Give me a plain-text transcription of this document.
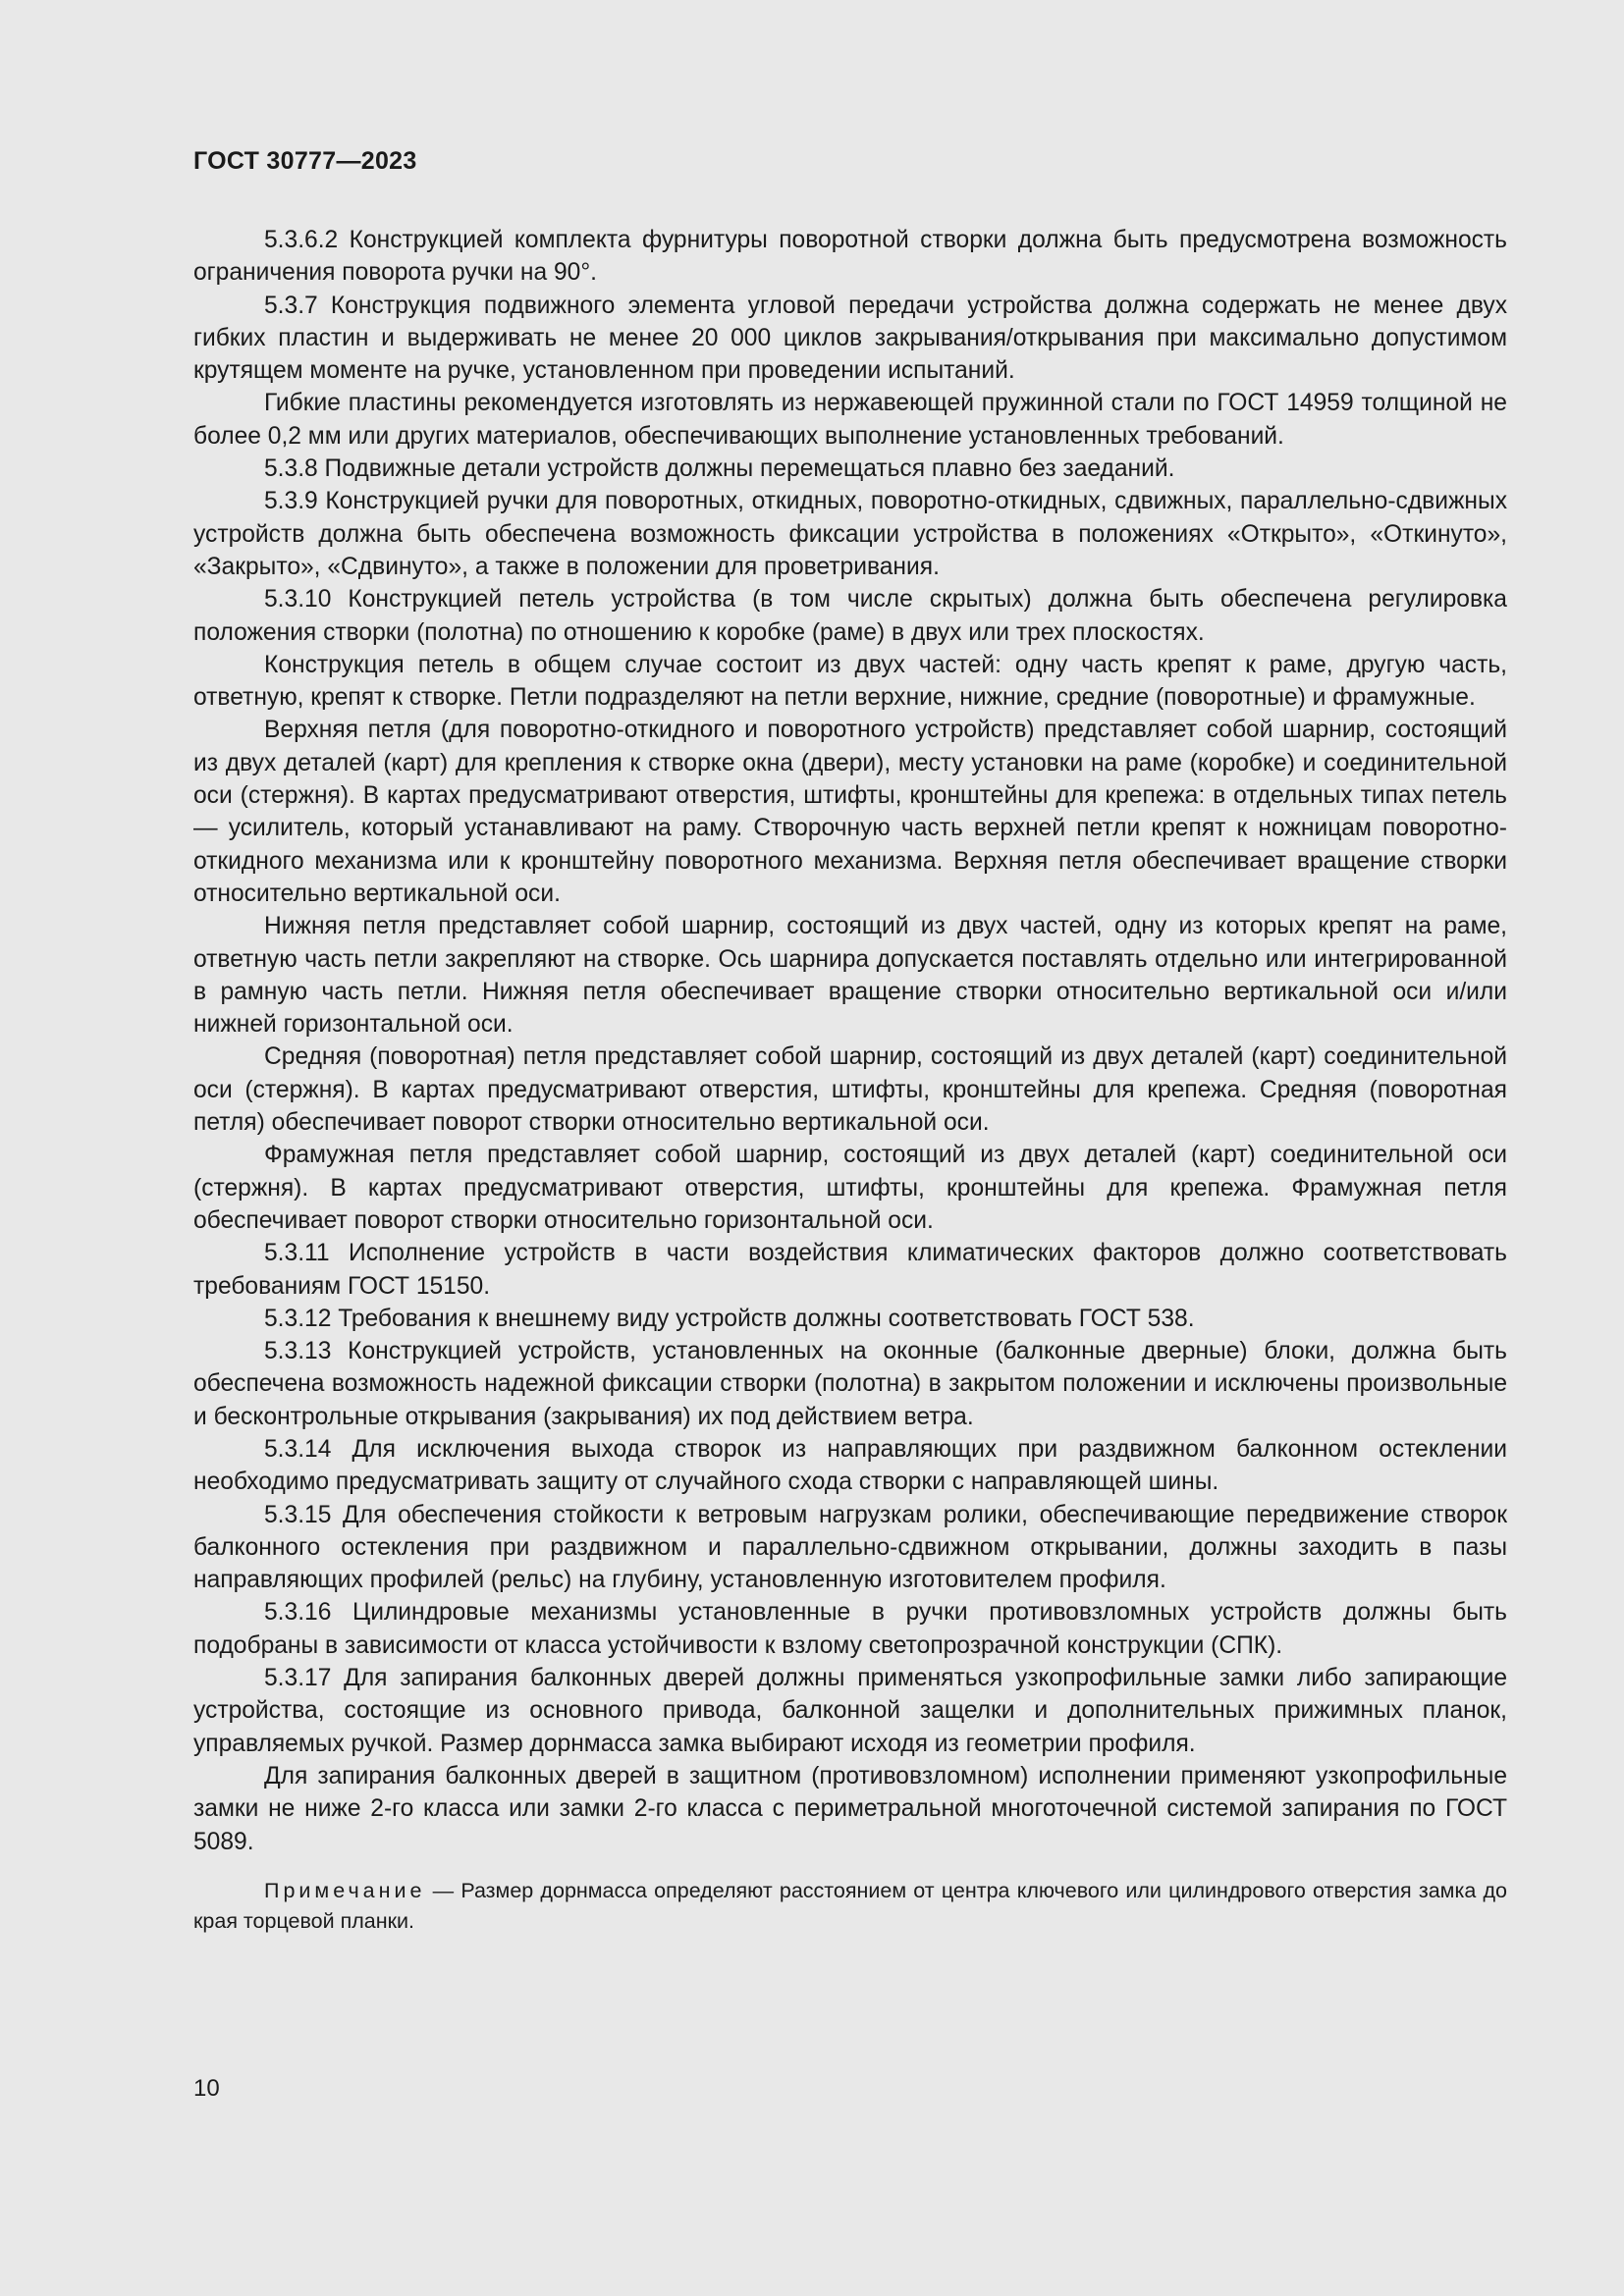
ГОСТ 30777—2023

5.3.6.2 Конструкцией комплекта фурнитуры поворотной створки должна быть предусмотрена возможность ограничения поворота ручки на 90°.

5.3.7 Конструкция подвижного элемента угловой передачи устройства должна содержать не менее двух гибких пластин и выдерживать не менее 20 000 циклов закрывания/открывания при максимально допустимом крутящем моменте на ручке, установленном при проведении испытаний.

Гибкие пластины рекомендуется изготовлять из нержавеющей пружинной стали по ГОСТ 14959 толщиной не более 0,2 мм или других материалов, обеспечивающих выполнение установленных требований.

5.3.8 Подвижные детали устройств должны перемещаться плавно без заеданий.

5.3.9 Конструкцией ручки для поворотных, откидных, поворотно-откидных, сдвижных, параллельно-сдвижных устройств должна быть обеспечена возможность фиксации устройства в положениях «Открыто», «Откинуто», «Закрыто», «Сдвинуто», а также в положении для проветривания.

5.3.10 Конструкцией петель устройства (в том числе скрытых) должна быть обеспечена регулировка положения створки (полотна) по отношению к коробке (раме) в двух или трех плоскостях.

Конструкция петель в общем случае состоит из двух частей: одну часть крепят к раме, другую часть, ответную, крепят к створке. Петли подразделяют на петли верхние, нижние, средние (поворотные) и фрамужные.

Верхняя петля (для поворотно-откидного и поворотного устройств) представляет собой шарнир, состоящий из двух деталей (карт) для крепления к створке окна (двери), месту установки на раме (коробке) и соединительной оси (стержня). В картах предусматривают отверстия, штифты, кронштейны для крепежа: в отдельных типах петель — усилитель, который устанавливают на раму. Створочную часть верхней петли крепят к ножницам поворотно-откидного механизма или к кронштейну поворотного механизма. Верхняя петля обеспечивает вращение створки относительно вертикальной оси.

Нижняя петля представляет собой шарнир, состоящий из двух частей, одну из которых крепят на раме, ответную часть петли закрепляют на створке. Ось шарнира допускается поставлять отдельно или интегрированной в рамную часть петли. Нижняя петля обеспечивает вращение створки относительно вертикальной оси и/или нижней горизонтальной оси.

Средняя (поворотная) петля представляет собой шарнир, состоящий из двух деталей (карт) соединительной оси (стержня). В картах предусматривают отверстия, штифты, кронштейны для крепежа. Средняя (поворотная петля) обеспечивает поворот створки относительно вертикальной оси.

Фрамужная петля представляет собой шарнир, состоящий из двух деталей (карт) соединительной оси (стержня). В картах предусматривают отверстия, штифты, кронштейны для крепежа. Фрамужная петля обеспечивает поворот створки относительно горизонтальной оси.

5.3.11 Исполнение устройств в части воздействия климатических факторов должно соответствовать требованиям ГОСТ 15150.

5.3.12 Требования к внешнему виду устройств должны соответствовать ГОСТ 538.

5.3.13 Конструкцией устройств, установленных на оконные (балконные дверные) блоки, должна быть обеспечена возможность надежной фиксации створки (полотна) в закрытом положении и исключены произвольные и бесконтрольные открывания (закрывания) их под действием ветра.

5.3.14 Для исключения выхода створок из направляющих при раздвижном балконном остеклении необходимо предусматривать защиту от случайного схода створки с направляющей шины.

5.3.15 Для обеспечения стойкости к ветровым нагрузкам ролики, обеспечивающие передвижение створок балконного остекления при раздвижном и параллельно-сдвижном открывании, должны заходить в пазы направляющих профилей (рельс) на глубину, установленную изготовителем профиля.

5.3.16 Цилиндровые механизмы установленные в ручки противовзломных устройств должны быть подобраны в зависимости от класса устойчивости к взлому светопрозрачной конструкции (СПК).

5.3.17 Для запирания балконных дверей должны применяться узкопрофильные замки либо запирающие устройства, состоящие из основного привода, балконной защелки и дополнительных прижимных планок, управляемых ручкой. Размер дорнмасса замка выбирают исходя из геометрии профиля.

Для запирания балконных дверей в защитном (противовзломном) исполнении применяют узкопрофильные замки не ниже 2-го класса или замки 2-го класса с периметральной многоточечной системой запирания по ГОСТ 5089.

Примечание — Размер дорнмасса определяют расстоянием от центра ключевого или цилиндрового отверстия замка до края торцевой планки.

10
